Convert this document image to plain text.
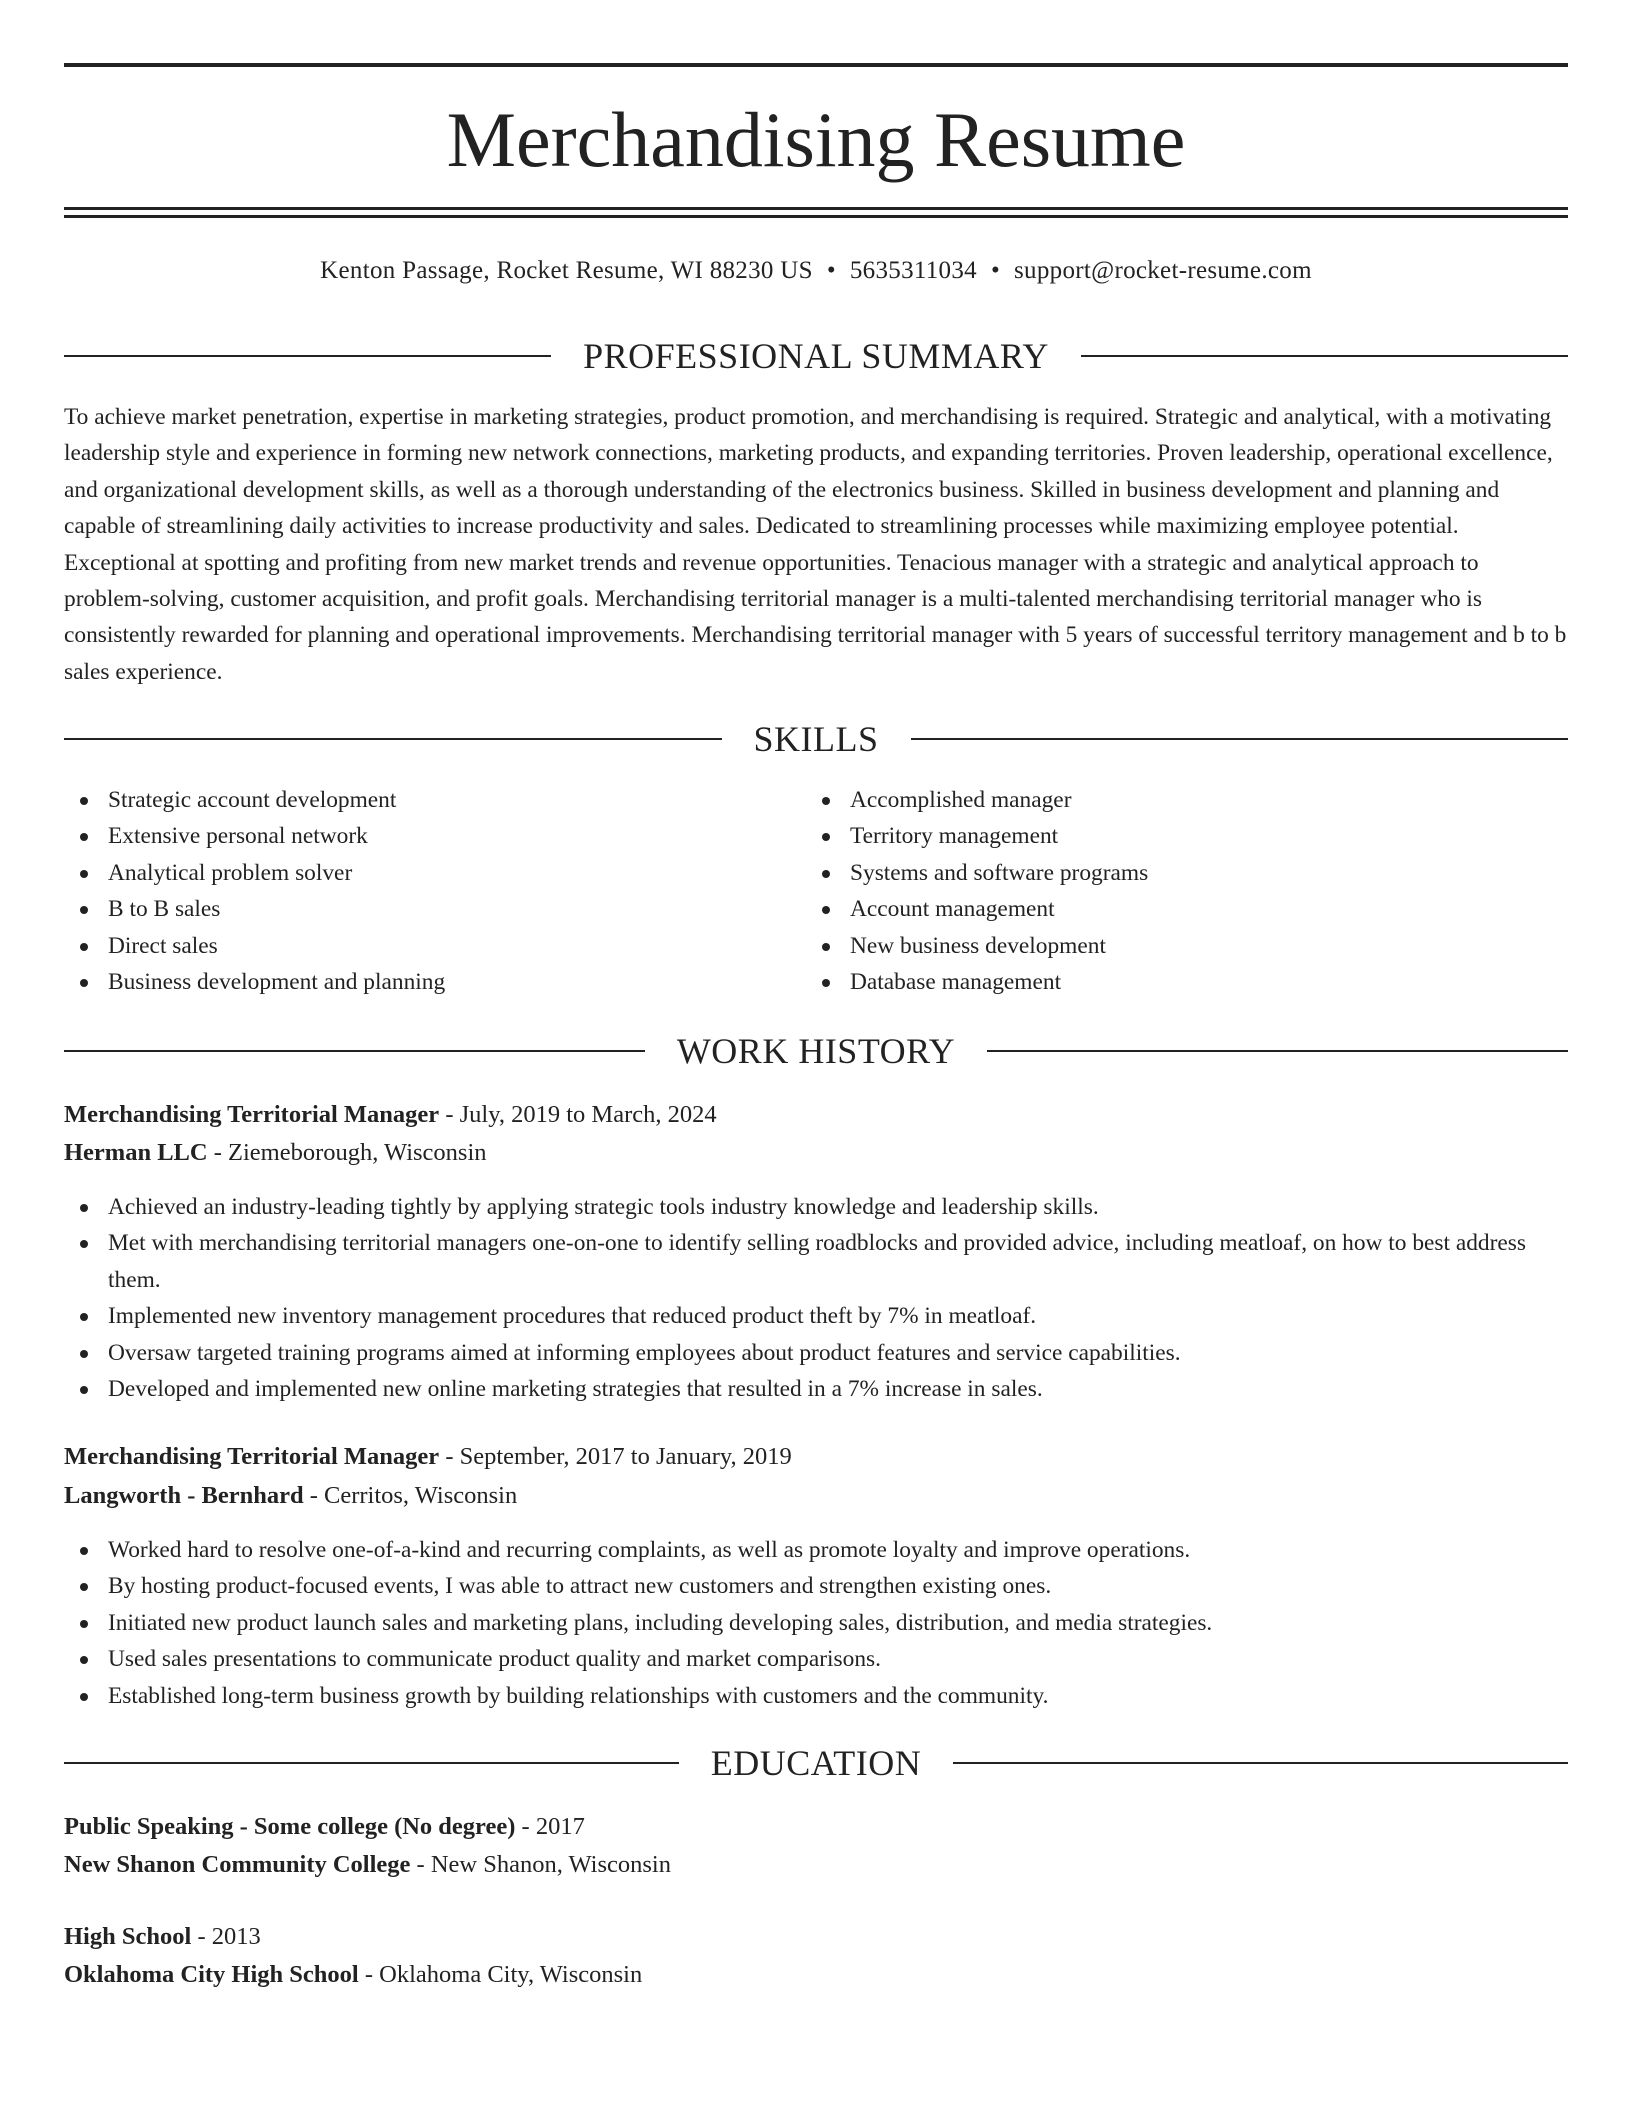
Merchandising Resume
Kenton Passage, Rocket Resume, WI 88230 US • 5635311034 • support@rocket-resume.com
PROFESSIONAL SUMMARY

To achieve market penetration, expertise in marketing strategies, product promotion, and merchandising is required. Strategic and analytical, with a motivating leadership style and experience in forming new network connections, marketing products, and expanding territories. Proven leadership, operational excellence, and organizational development skills, as well as a thorough understanding of the electronics business. Skilled in business development and planning and capable of streamlining daily activities to increase productivity and sales. Dedicated to streamlining processes while maximizing employee potential. Exceptional at spotting and profiting from new market trends and revenue opportunities. Tenacious manager with a strategic and analytical approach to problem-solving, customer acquisition, and profit goals. Merchandising territorial manager is a multi-talented merchandising territorial manager who is consistently rewarded for planning and operational improvements. Merchandising territorial manager with 5 years of successful territory management and b to b sales experience.

SKILLS
Strategic account development
Extensive personal network
Analytical problem solver
B to B sales
Direct sales
Business development and planning
Accomplished manager
Territory management
Systems and software programs
Account management
New business development
Database management
WORK HISTORY
Merchandising Territorial Manager - July, 2019 to March, 2024
Herman LLC - Ziemeborough, Wisconsin
Achieved an industry-leading tightly by applying strategic tools industry knowledge and leadership skills.
Met with merchandising territorial managers one-on-one to identify selling roadblocks and provided advice, including meatloaf, on how to best address them.
Implemented new inventory management procedures that reduced product theft by 7% in meatloaf.
Oversaw targeted training programs aimed at informing employees about product features and service capabilities.
Developed and implemented new online marketing strategies that resulted in a 7% increase in sales.
Merchandising Territorial Manager - September, 2017 to January, 2019
Langworth - Bernhard - Cerritos, Wisconsin
Worked hard to resolve one-of-a-kind and recurring complaints, as well as promote loyalty and improve operations.
By hosting product-focused events, I was able to attract new customers and strengthen existing ones.
Initiated new product launch sales and marketing plans, including developing sales, distribution, and media strategies.
Used sales presentations to communicate product quality and market comparisons.
Established long-term business growth by building relationships with customers and the community.
EDUCATION
Public Speaking - Some college (No degree) - 2017
New Shanon Community College - New Shanon, Wisconsin
High School - 2013
Oklahoma City High School - Oklahoma City, Wisconsin
